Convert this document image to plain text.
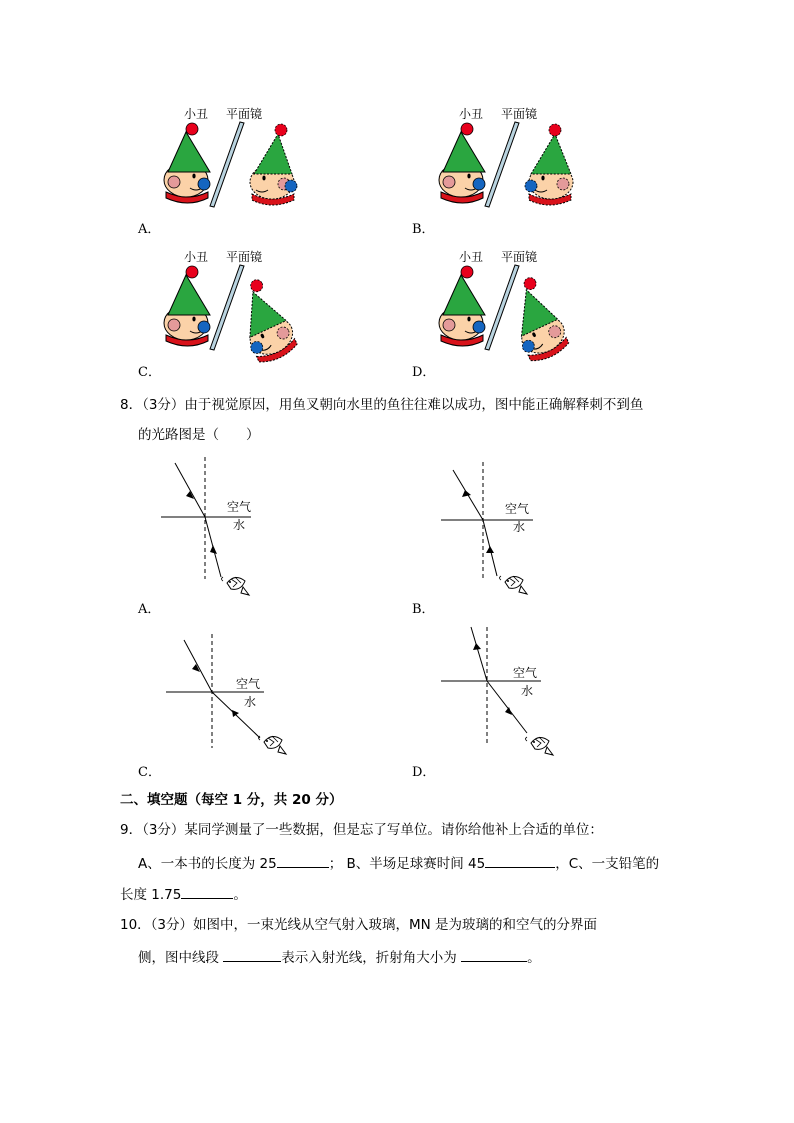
小丑 平面镜	小丑 平面镜
小丑 平面镜	小丑 平面镜
A．	B．
C．	D．
8．（3分）由于视觉原因，用鱼叉朝向水里的鱼往往难以成功，图中能正确解释刺不到鱼
的光路图是（　　）
空气
水
空气
水
空气
水
空气
水
A．	B．
C．	D．
二、填空题（每空 1 分，共 20 分）
9．（3分）某同学测量了一些数据，但是忘了写单位。请你给他补上合适的单位：
A、一本书的长度为 25	； B、半场足球赛时间 45	，C、一支铅笔的
长度 1.75	。
10．（3分）如图中，一束光线从空气射入玻璃，MN 是为玻璃的和空气的分界面
侧，图中线段	表示入射光线，折射角大小为	。
